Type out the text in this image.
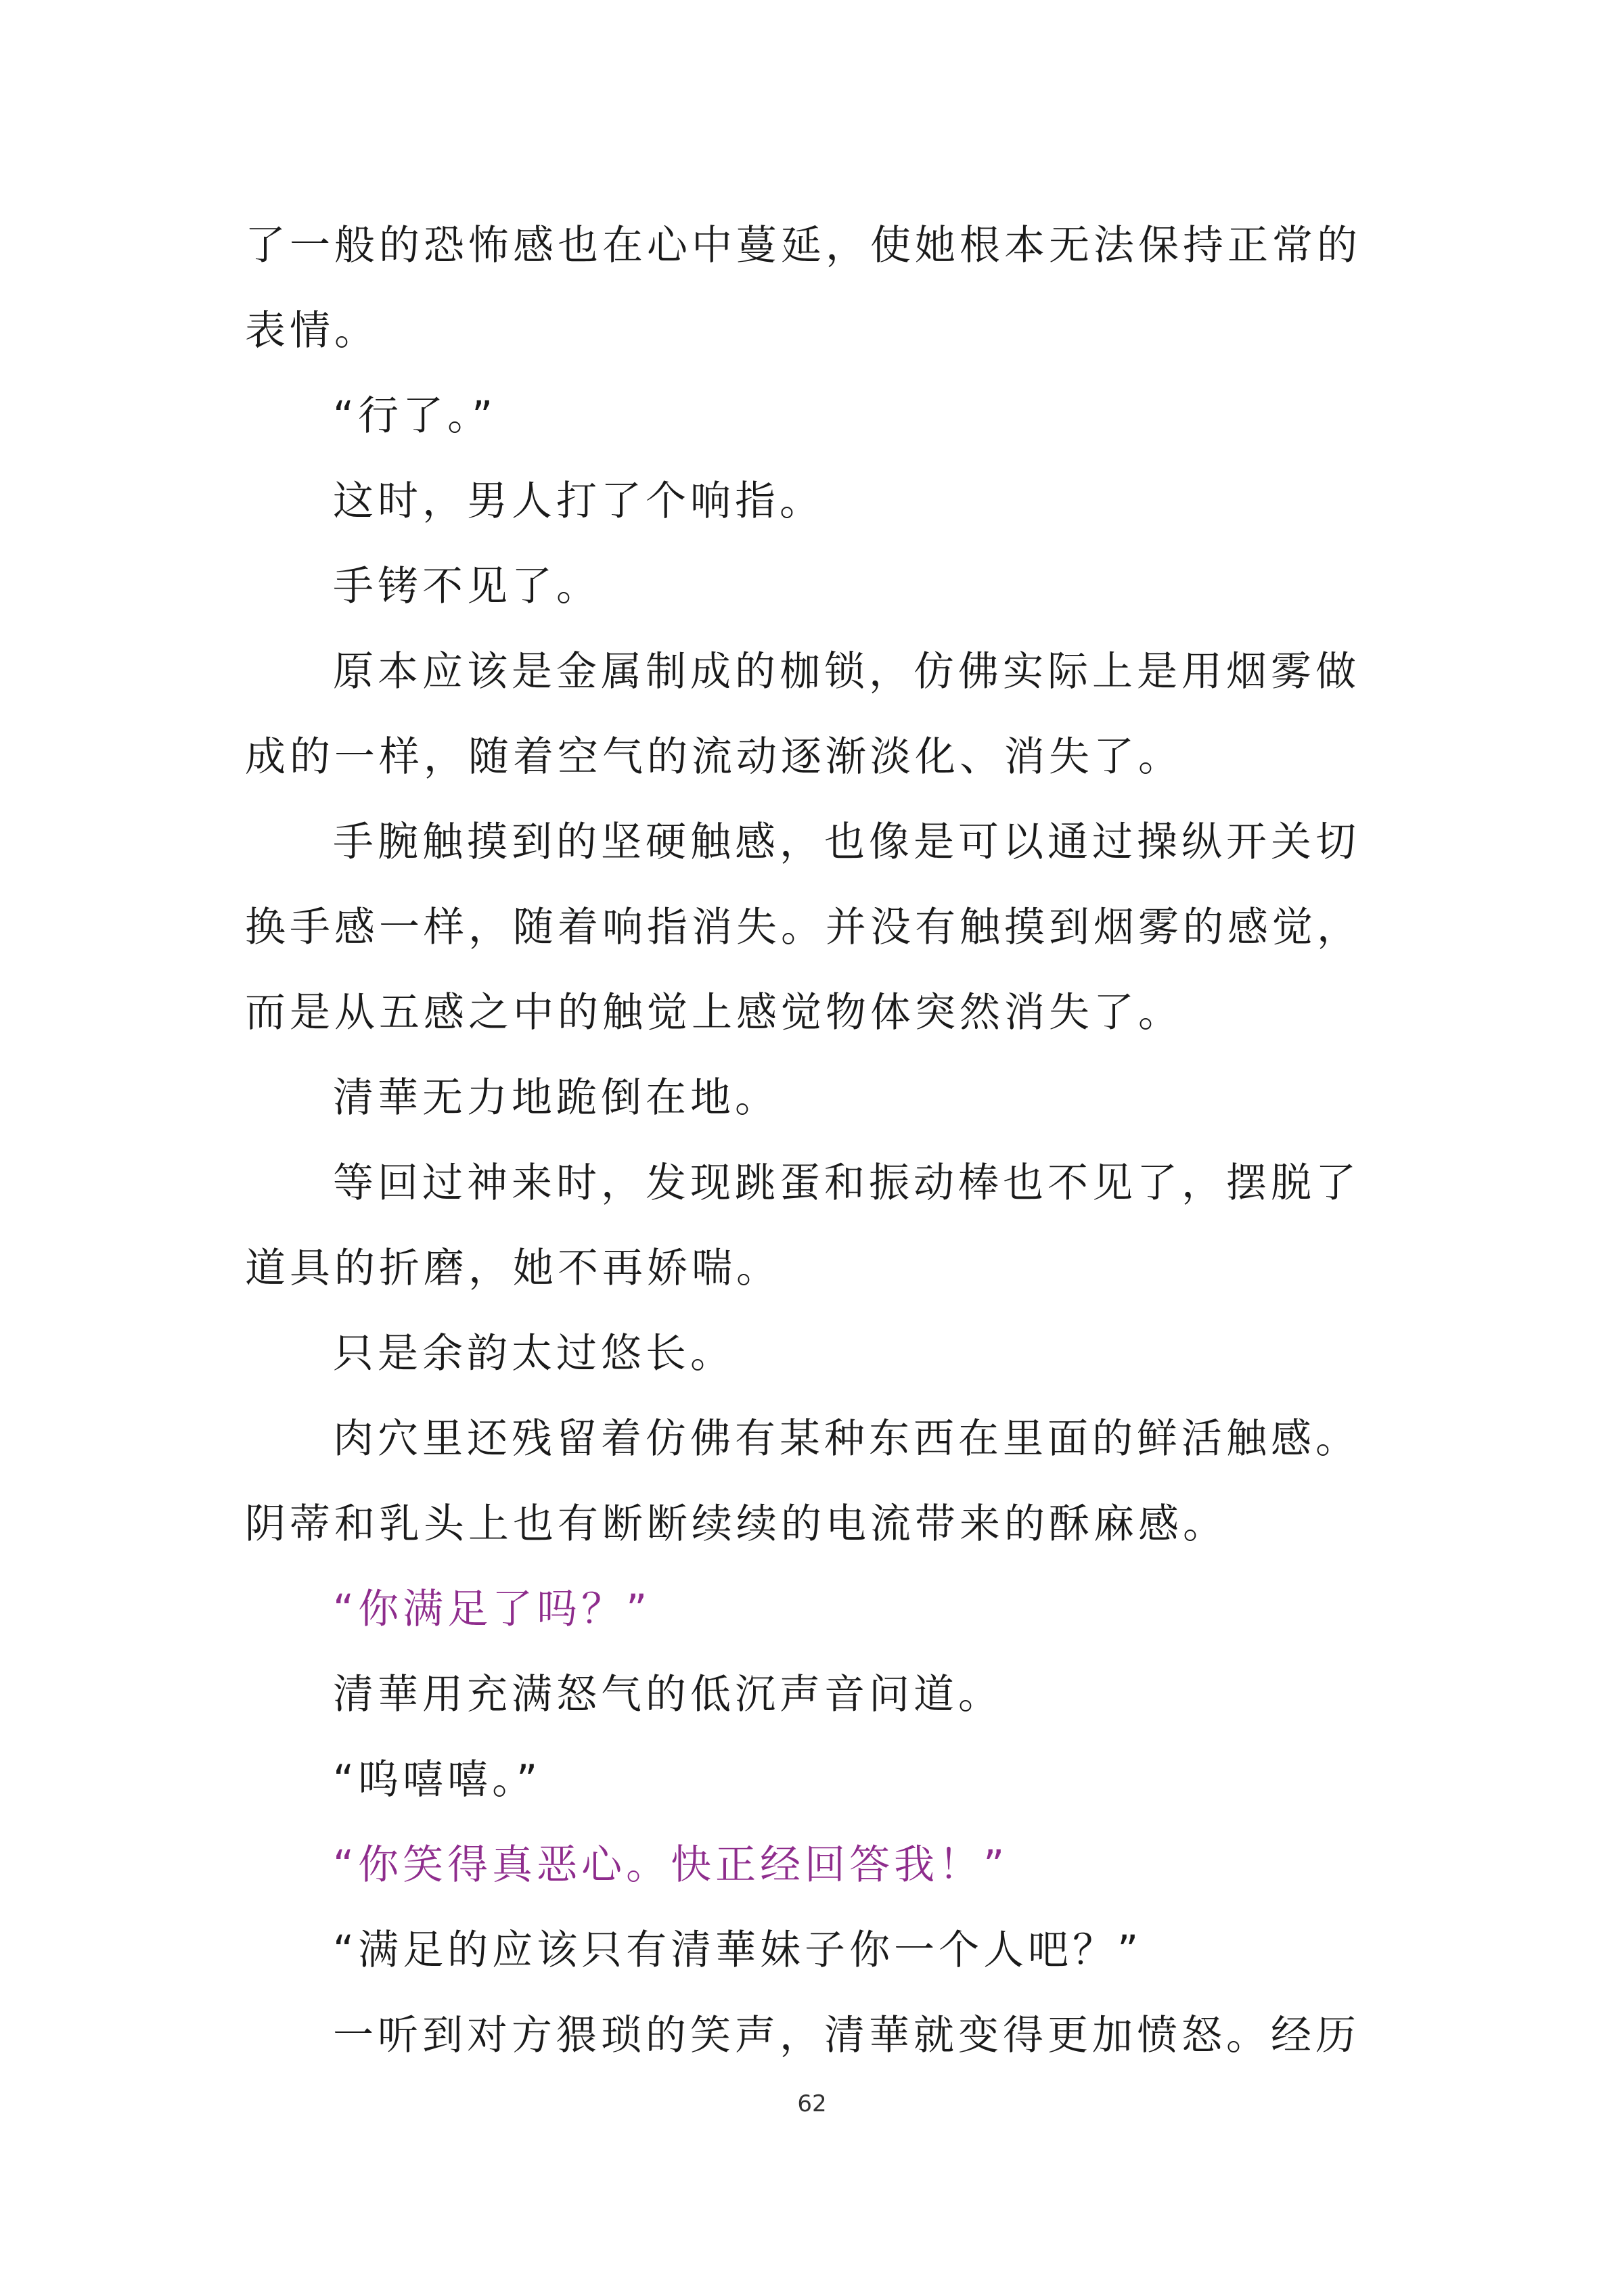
了一般的恐怖感也在心中蔓延，使她根本无法保持正常的
表情。
“行了。”
这时，男人打了个响指。
手铐不见了。
原本应该是金属制成的枷锁，仿佛实际上是用烟雾做
成的一样，随着空气的流动逐渐淡化、消失了。
手腕触摸到的坚硬触感，也像是可以通过操纵开关切
换手感一样，随着响指消失。并没有触摸到烟雾的感觉，
而是从五感之中的触觉上感觉物体突然消失了。
清華无力地跪倒在地。
等回过神来时，发现跳蛋和振动棒也不见了，摆脱了
道具的折磨，她不再娇喘。
只是余韵太过悠长。
肉穴里还残留着仿佛有某种东西在里面的鲜活触感。
阴蒂和乳头上也有断断续续的电流带来的酥麻感。
“你满足了吗？”
清華用充满怒气的低沉声音问道。
“呜嘻嘻。”
“你笑得真恶心。快正经回答我！”
“满足的应该只有清華妹子你一个人吧？”
一听到对方猥琐的笑声，清華就变得更加愤怒。经历
62
